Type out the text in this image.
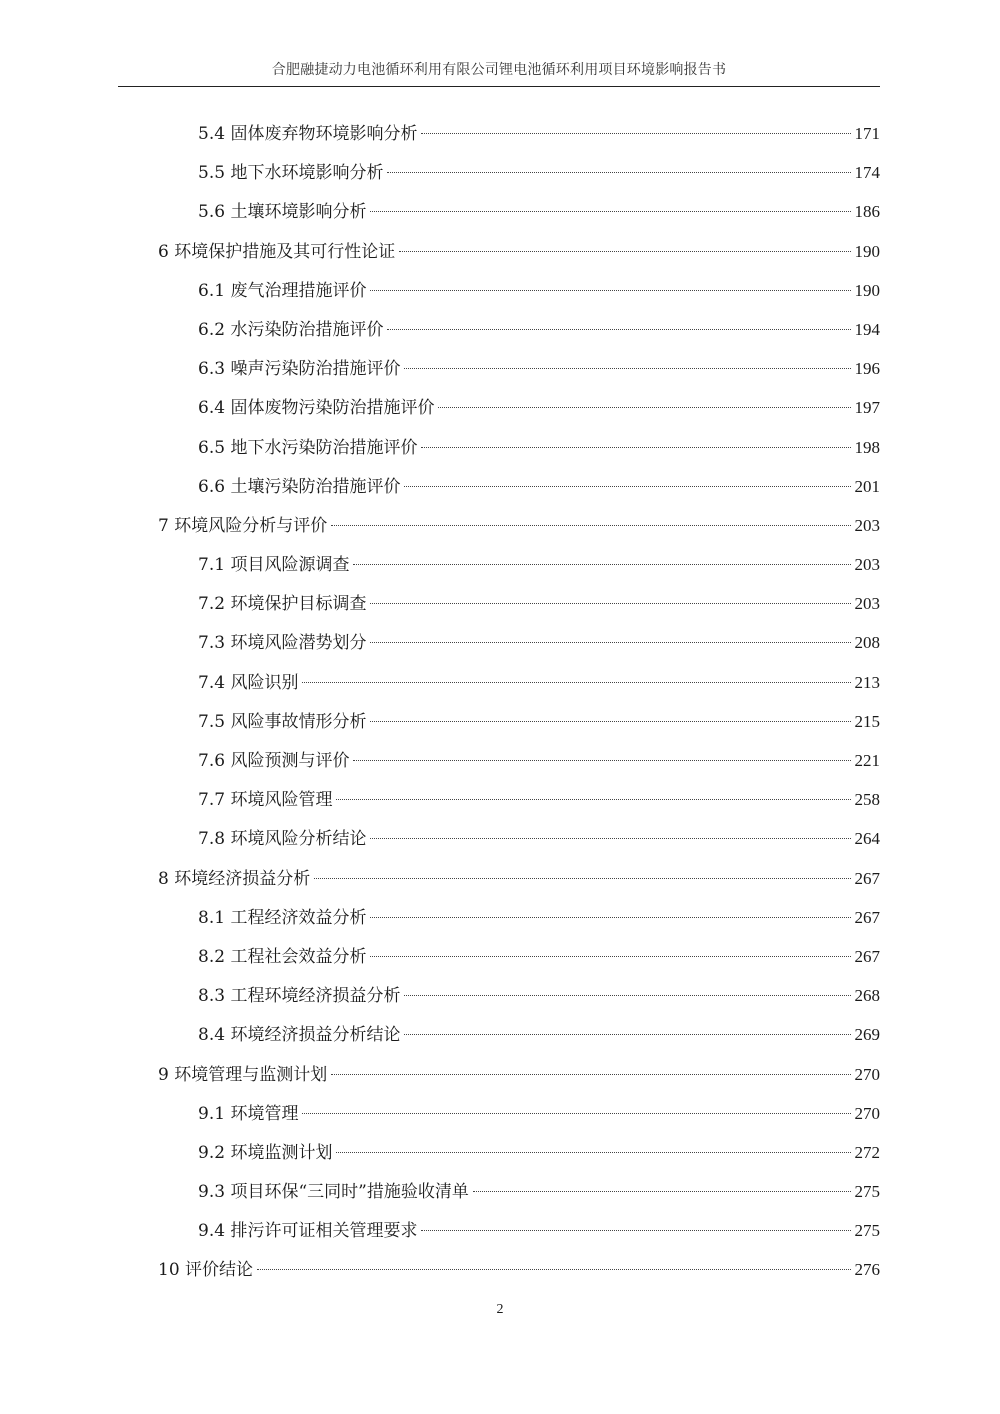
合肥融捷动力电池循环利用有限公司锂电池循环利用项目环境影响报告书
5.4 固体废弃物环境影响分析	171
5.5 地下水环境影响分析	174
5.6 土壤环境影响分析	186
6 环境保护措施及其可行性论证	190
6.1 废气治理措施评价	190
6.2 水污染防治措施评价	194
6.3 噪声污染防治措施评价	196
6.4 固体废物污染防治措施评价	197
6.5 地下水污染防治措施评价	198
6.6 土壤污染防治措施评价	201
7 环境风险分析与评价	203
7.1 项目风险源调查	203
7.2 环境保护目标调查	203
7.3 环境风险潜势划分	208
7.4 风险识别	213
7.5 风险事故情形分析	215
7.6 风险预测与评价	221
7.7 环境风险管理	258
7.8 环境风险分析结论	264
8 环境经济损益分析	267
8.1 工程经济效益分析	267
8.2 工程社会效益分析	267
8.3 工程环境经济损益分析	268
8.4 环境经济损益分析结论	269
9 环境管理与监测计划	270
9.1 环境管理	270
9.2 环境监测计划	272
9.3 项目环保“三同时”措施验收清单	275
9.4 排污许可证相关管理要求	275
10 评价结论	276
2
